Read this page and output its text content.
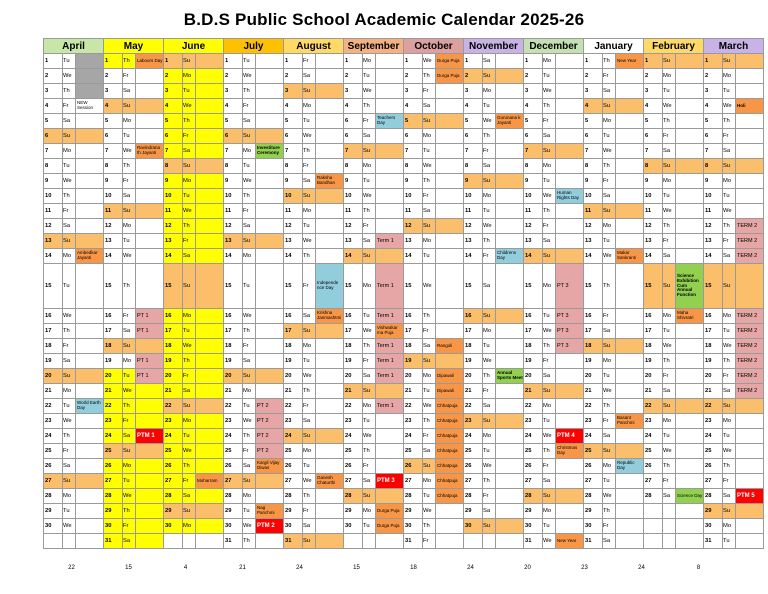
B.D.S Public School Academic Calendar 2025-26
April			May			June			July			August			September			October			November			December			January			February			March		
1	Tu		1	Th	Labours Day	1	Su		1	Tu		1	Fr		1	Mo		1	We	Durga Puja	1	Sa		1	Mo		1	Th	New Year	1	Su		1	Su	
2	We		2	Fr		2	Mo		2	We		2	Sa		2	Tu		2	Th	Durga Puja	2	Su		2	Tu		2	Fr		2	Mo		2	Mo	
3	Th		3	Sa		3	Tu		3	Th		3	Su		3	We		3	Fr		3	Mo		3	We		3	Sa		3	Tu		3	Tu	
4	Fr	NEW Session	4	Su		4	We		4	Fr		4	Mo		4	Th		4	Sa		4	Tu		4	Th		4	Su		4	We		4	We	Holi
5	Sa		5	Mo		5	Th		5	Sa		5	Tu		6	Fr	Teachers Day	5	Su		5	We	Gurunana k Jayanti	5	Fr		5	Mo		5	Th		5	Th	
6	Su		6	Tu		6	Fr		6	Su		6	We		6	Sa		6	Mo		6	Th		6	Sa		6	Tu		6	Fr		6	Fr	
7	Mo		7	We	Ravindrana th Jayanti	7	Sa		7	Mo	Investiture Ceremony	7	Th		7	Su		7	Tu		7	Fr		7	Su		7	We		7	Sa		7	Sa	
8	Tu		8	Th		8	Su		8	Tu		8	Fr		8	Mo		8	We		8	Sa		8	Mo		8	Th		8	Su		8	Su	
9	We		9	Fr		9	Mo		9	We		9	Sa	Raksha Bandhan	9	Tu		9	Th		9	Su		9	Tu		9	Fr		9	Mo		9	Mo	
10	Th		10	Sa		10	Tu		10	Th		10	Su		10	We		10	Fr		10	Mo		10	We	Human Rights Day	10	Sa		10	Tu		10	Tu	
11	Fr		11	Su		11	We		11	Fr		11	Mo		11	Th		11	Sa		11	Tu		11	Th		11	Su		11	We		11	We	
12	Sa		12	Mo		12	Th		12	Sa		12	Tu		12	Fr		12	Su		12	We		12	Fr		12	Mo		12	Th		12	Th	TERM 2
13	Su		13	Tu		13	Fr		13	Su		13	We		13	Sa	Term 1	13	Mo		13	Th		13	Sa		13	Tu		13	Fr		13	Fr	TERM 2
14	Mo	Ambedkar Jayanti	14	We		14	Sa		14	Mo		14	Th		14	Su		14	Tu		14	Fr	Childrens Day	14	Su		14	We	Makar Sankranti	14	Sa		14	Sa	TERM 2
15	Tu		15	Th		15	Su		15	Tu		15	Fr	Independe nce Day	15	Mo	Term 1	15	We		15	Sa		15	Mo	PT 3	15	Th		15	Su	Science Exhibition Cum Annual Function	15	Su	
16	We		16	Fr	PT 1	16	Mo		16	We		16	Sa	Krishna Janmashtmi	16	Tu	Term 1	16	Th		16	Su		16	Tu	PT 3	16	Fr		16	Mo	Maha Shivratri	16	Mo	TERM 2
17	Th		17	Sa	PT 1	17	Tu		17	Th		17	Su		17	We	Vishwakar ma Puja	17	Fr		17	Mo		17	We	PT 3	17	Sa		17	Tu		17	Tu	TERM 2
18	Fr		18	Su		18	We		18	Fr		18	Mo		18	Th	Term 1	18	Sa	Rangoli	18	Tu		18	Th	PT 3	18	Su		18	We		18	We	TERM 2
19	Sa		19	Mo	PT 1	19	Th		19	Sa		19	Tu		19	Fr	Term 1	19	Su		19	We		19	Fr		19	Mo		19	Th		19	Th	TERM 2
20	Su		20	Tu	PT 1	20	Fr		20	Su		20	We		20	Sa	Term 1	20	Mo	Dipawali	20	Th	Annual Sports Meet	20	Sa		20	Tu		20	Fr		20	Fr	TERM 2
21	Mo		21	We		21	Sa		21	Mo		21	Th		21	Su		21	Tu	Dipawali	21	Fr		21	Su		21	We		21	Sa		21	Sa	TERM 2
22	Tu	World Earth Day	22	Th		22	Su		22	Tu	PT 2	22	Fr		22	Mo	Term 1	22	We	Chhatpuja	22	Sa		22	Mo		22	Th		22	Su		22	Su	
23	We		23	Fr		23	Mo		23	We	PT 2	23	Sa		23	Tu		23	Th	Chhatpuja	23	Su		23	Tu		23	Fr	Basant Panchmi	23	Mo		23	Mo	
24	Th		24	Sa	PTM 1	24	Tu		24	Th	PT 2	24	Su		24	We		24	Fr	Chhatpuja	24	Mo		24	We	PTM 4	24	Sa		24	Tu		24	Tu	
25	Fr		25	Su		25	We		25	Fr	PT 2	25	Mo		25	Th		25	Sa	Chhatpuja	25	Tu		25	Th	Christmas Day	25	Su		25	We		25	We	
26	Sa		26	Mo		26	Th		26	Sa	Kargil Vijay Diwas	26	Tu		26	Fr		26	Su	Chhatpuja	26	We		26	Fr		26	Mo	Republic Day	26	Th		26	Th	
27	Su		27	Tu		27	Fr	Moharram	27	Su		27	We	Ganesh Chaturthi	27	Sa	PTM 3	27	Mo	Chhatpuja	27	Th		27	Sa		27	Tu		27	Fr		27	Fr	
28	Mo		28	We		28	Sa		28	Mo		28	Th		28	Su		28	Tu	Chhatpuja	28	Fr		28	Su		28	We		28	Sa	Science Day	28	Sa	PTM 5
29	Tu		29	Th		29	Su		29	Tu	Nag Panchmi	29	Fr		29	Mo	Durga Puja	29	We		29	Sa		29	Mo		29	Th					29	Su	
30	We		30	Fr		30	Mo		30	We	PTM 2	30	Sa		30	Tu	Durga Puja	30	Th		30	Su		30	Tu		30	Fr					30	Mo	
			31	Sa					31	Th		31	Su					31	Fr					31	We	New Year	31	Sa					31	Tu	
22	15	4	21	24	15	18	24	20	23	24	8
